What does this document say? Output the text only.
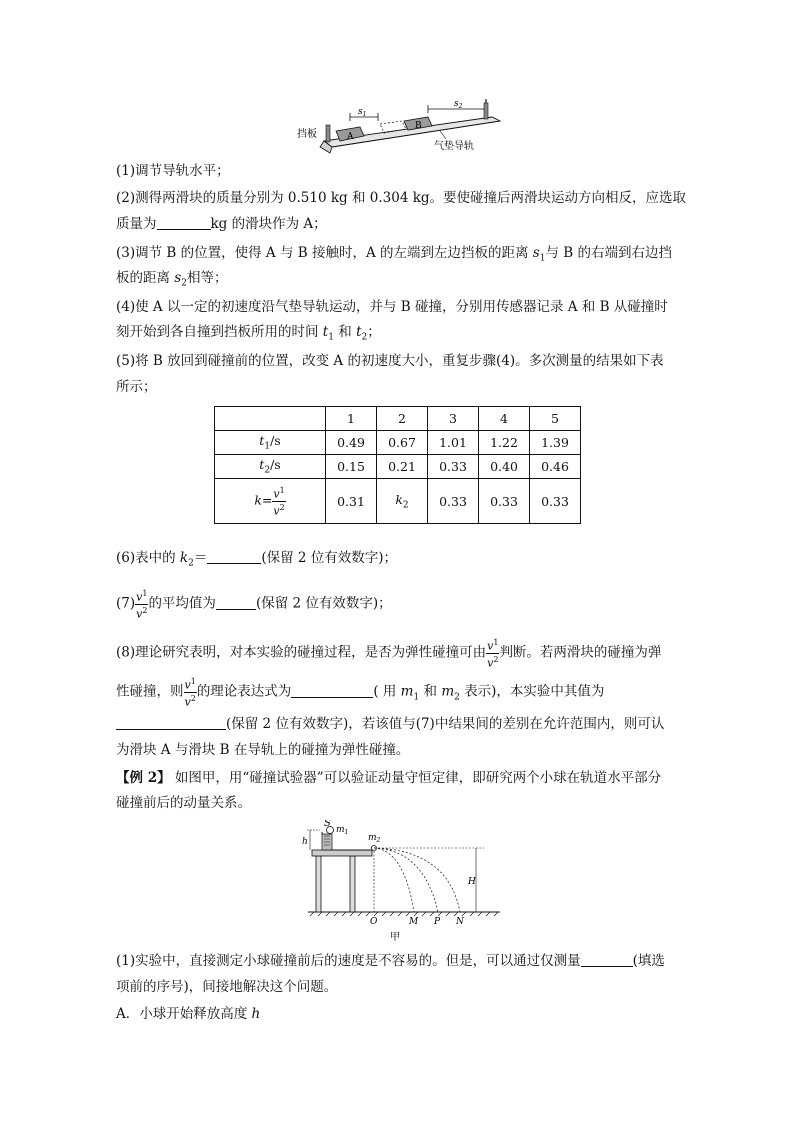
$s_2$
$s_1$
A
B
挡板
气垫导轨
(1)调节导轨水平；
(2)测得两滑块的质量分别为 0.510 kg 和 0.304 kg。要使碰撞后两滑块运动方向相反，应选取
质量为	kg 的滑块作为 A；
(3)调节 B 的位置，使得 A 与 B 接触时，A 的左端到左边挡板的距离 $s_1$与 B 的右端到右边挡
板的距离 $s_2$相等；
(4)使 A 以一定的初速度沿气垫导轨运动，并与 B 碰撞，分别用传感器记录 A 和 B 从碰撞时
刻开始到各自撞到挡板所用的时间 $t_1$ 和 $t_2$；
(5)将 B 放回到碰撞前的位置，改变 A 的初速度大小，重复步骤(4)。多次测量的结果如下表
所示；
	1	2	3	4	5
$t_1/s$	0.49	0.67	1.01	1.22	1.39
$t_2/s$	0.15	0.21	0.33	0.40	0.46
$k= \frac{v^1}{v^2}$	0.31	$k_2$	0.33	0.33	0.33
(6)表中的 $k_2=$	(保留 2 位有效数字)；
$(7) \frac{v^1}{v^2}$ 的平均值为	(保留 2 位有效数字)；
(8)理论研究表明，对本实验的碰撞过程，是否为弹性碰撞可由 $\frac{v^1}{v^2}$ 判断。若两滑块的碰撞为弹
性碰撞，则 $\frac{v^1}{v^2}$ 的理论表达式为	( 用 $m_1$ 和 $m_2$ 表示)，本实验中其值为
(保留 2 位有效数字)，若该值与(7)中结果间的差别在允许范围内，则可认
为滑块 A 与滑块 B 在导轨上的碰撞为弹性碰撞。
【例 2】 如图甲，用“碰撞试验器”可以验证动量守恒定律，即研究两个小球在轨道水平部分
碰撞前后的动量关系。
h
S
$m_1$
$m_2$
H
O	M P N
甲
(1)实验中，直接测定小球碰撞前后的速度是不容易的。但是，可以通过仅测量	(填选
项前的序号)，间接地解决这个问题。
A．小球开始释放高度 h
